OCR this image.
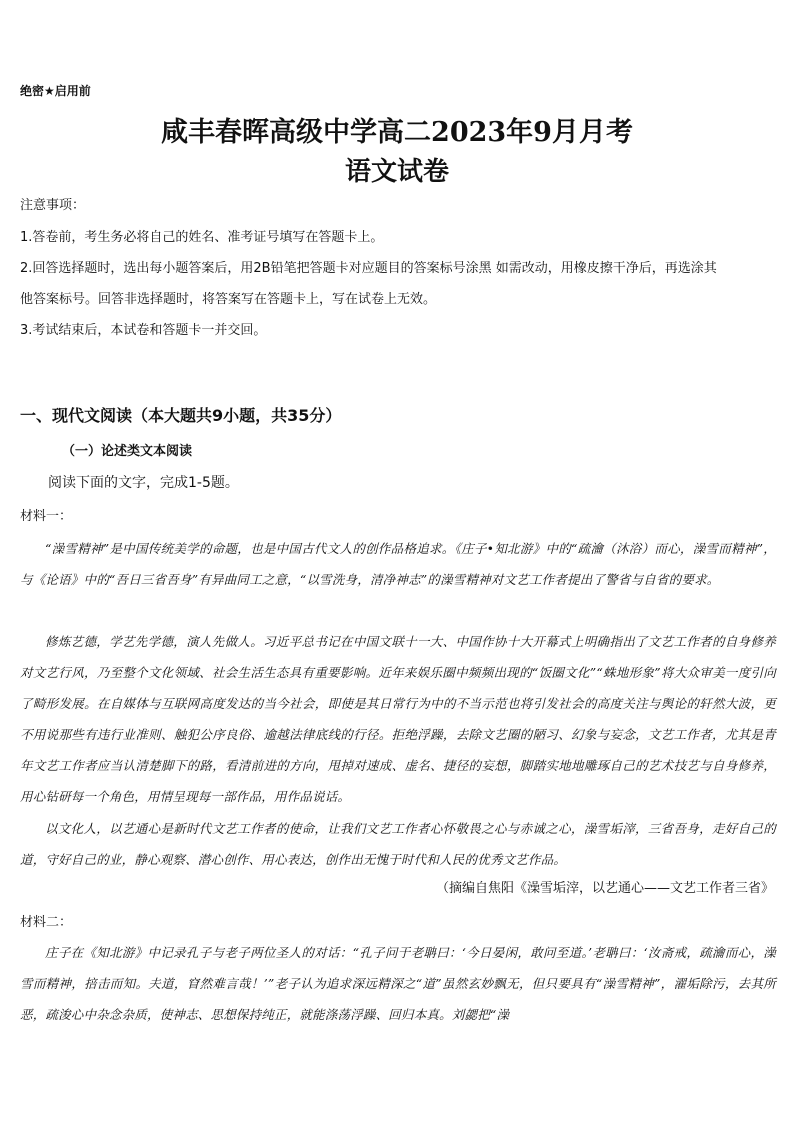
绝密★启用前
咸丰春晖高级中学高二2023年9月月考
语文试卷
注意事项：
1.答卷前，考生务必将自己的姓名、准考证号填写在答题卡上。
2.回答选择题时，选出每小题答案后，用2B铅笔把答题卡对应题目的答案标号涂黑 如需改动，用橡皮擦干净后，再选涂其
他答案标号。回答非选择题时，将答案写在答题卡上，写在试卷上无效。
3.考试结束后，本试卷和答题卡一并交回。
一、现代文阅读（本大题共9小题，共35分）
（一）论述类文本阅读
阅读下面的文字，完成1-5题。
材料一：
“澡雪精神”是中国传统美学的命题，也是中国古代文人的创作品格追求。《庄子•知北游》中的“疏瀹（沐浴）而心，澡雪而精神”，与《论语》中的“吾日三省吾身”有异曲同工之意，“以雪洗身，清净神志”的澡雪精神对文艺工作者提出了警省与自省的要求。
修炼艺德，学艺先学德，演人先做人。习近平总书记在中国文联十一大、中国作协十大开幕式上明确指出了文艺工作者的自身修养对文艺行风，乃至整个文化领域、社会生活生态具有重要影响。近年来娱乐圈中频频出现的“饭圈文化”“蛛地形象”将大众审美一度引向了畸形发展。在自媒体与互联网高度发达的当今社会，即使是其日常行为中的不当示范也将引发社会的高度关注与舆论的轩然大波，更不用说那些有违行业准则、触犯公序良俗、逾越法律底线的行径。拒绝浮躁，去除文艺圈的陋习、幻象与妄念，文艺工作者，尤其是青年文艺工作者应当认清楚脚下的路，看清前进的方向，甩掉对速成、虚名、捷径的妄想，脚踏实地地雕琢自己的艺术技艺与自身修养，用心钻研每一个角色，用情呈现每一部作品，用作品说话。
以文化人，以艺通心是新时代文艺工作者的使命，让我们文艺工作者心怀敬畏之心与赤诚之心，澡雪垢滓，三省吾身，走好自己的道，守好自己的业，静心观察、潜心创作、用心表达，创作出无愧于时代和人民的优秀文艺作品。
（摘编自焦阳《澡雪垢滓，以艺通心——文艺工作者三省》
材料二：
庄子在《知北游》中记录孔子与老子两位圣人的对话：“孔子问于老聃曰：‘今日晏闲，敢问至道。’老聃曰：‘汝斋戒，疏瀹而心，澡雪而精神，掊击而知。夫道，窅然难言哉！’”老子认为追求深远精深之“道”虽然玄妙飘无，但只要具有“澡雪精神”，濯垢除污，去其所恶，疏浚心中杂念杂质，使神志、思想保持纯正，就能涤荡浮躁、回归本真。刘勰把“澡
